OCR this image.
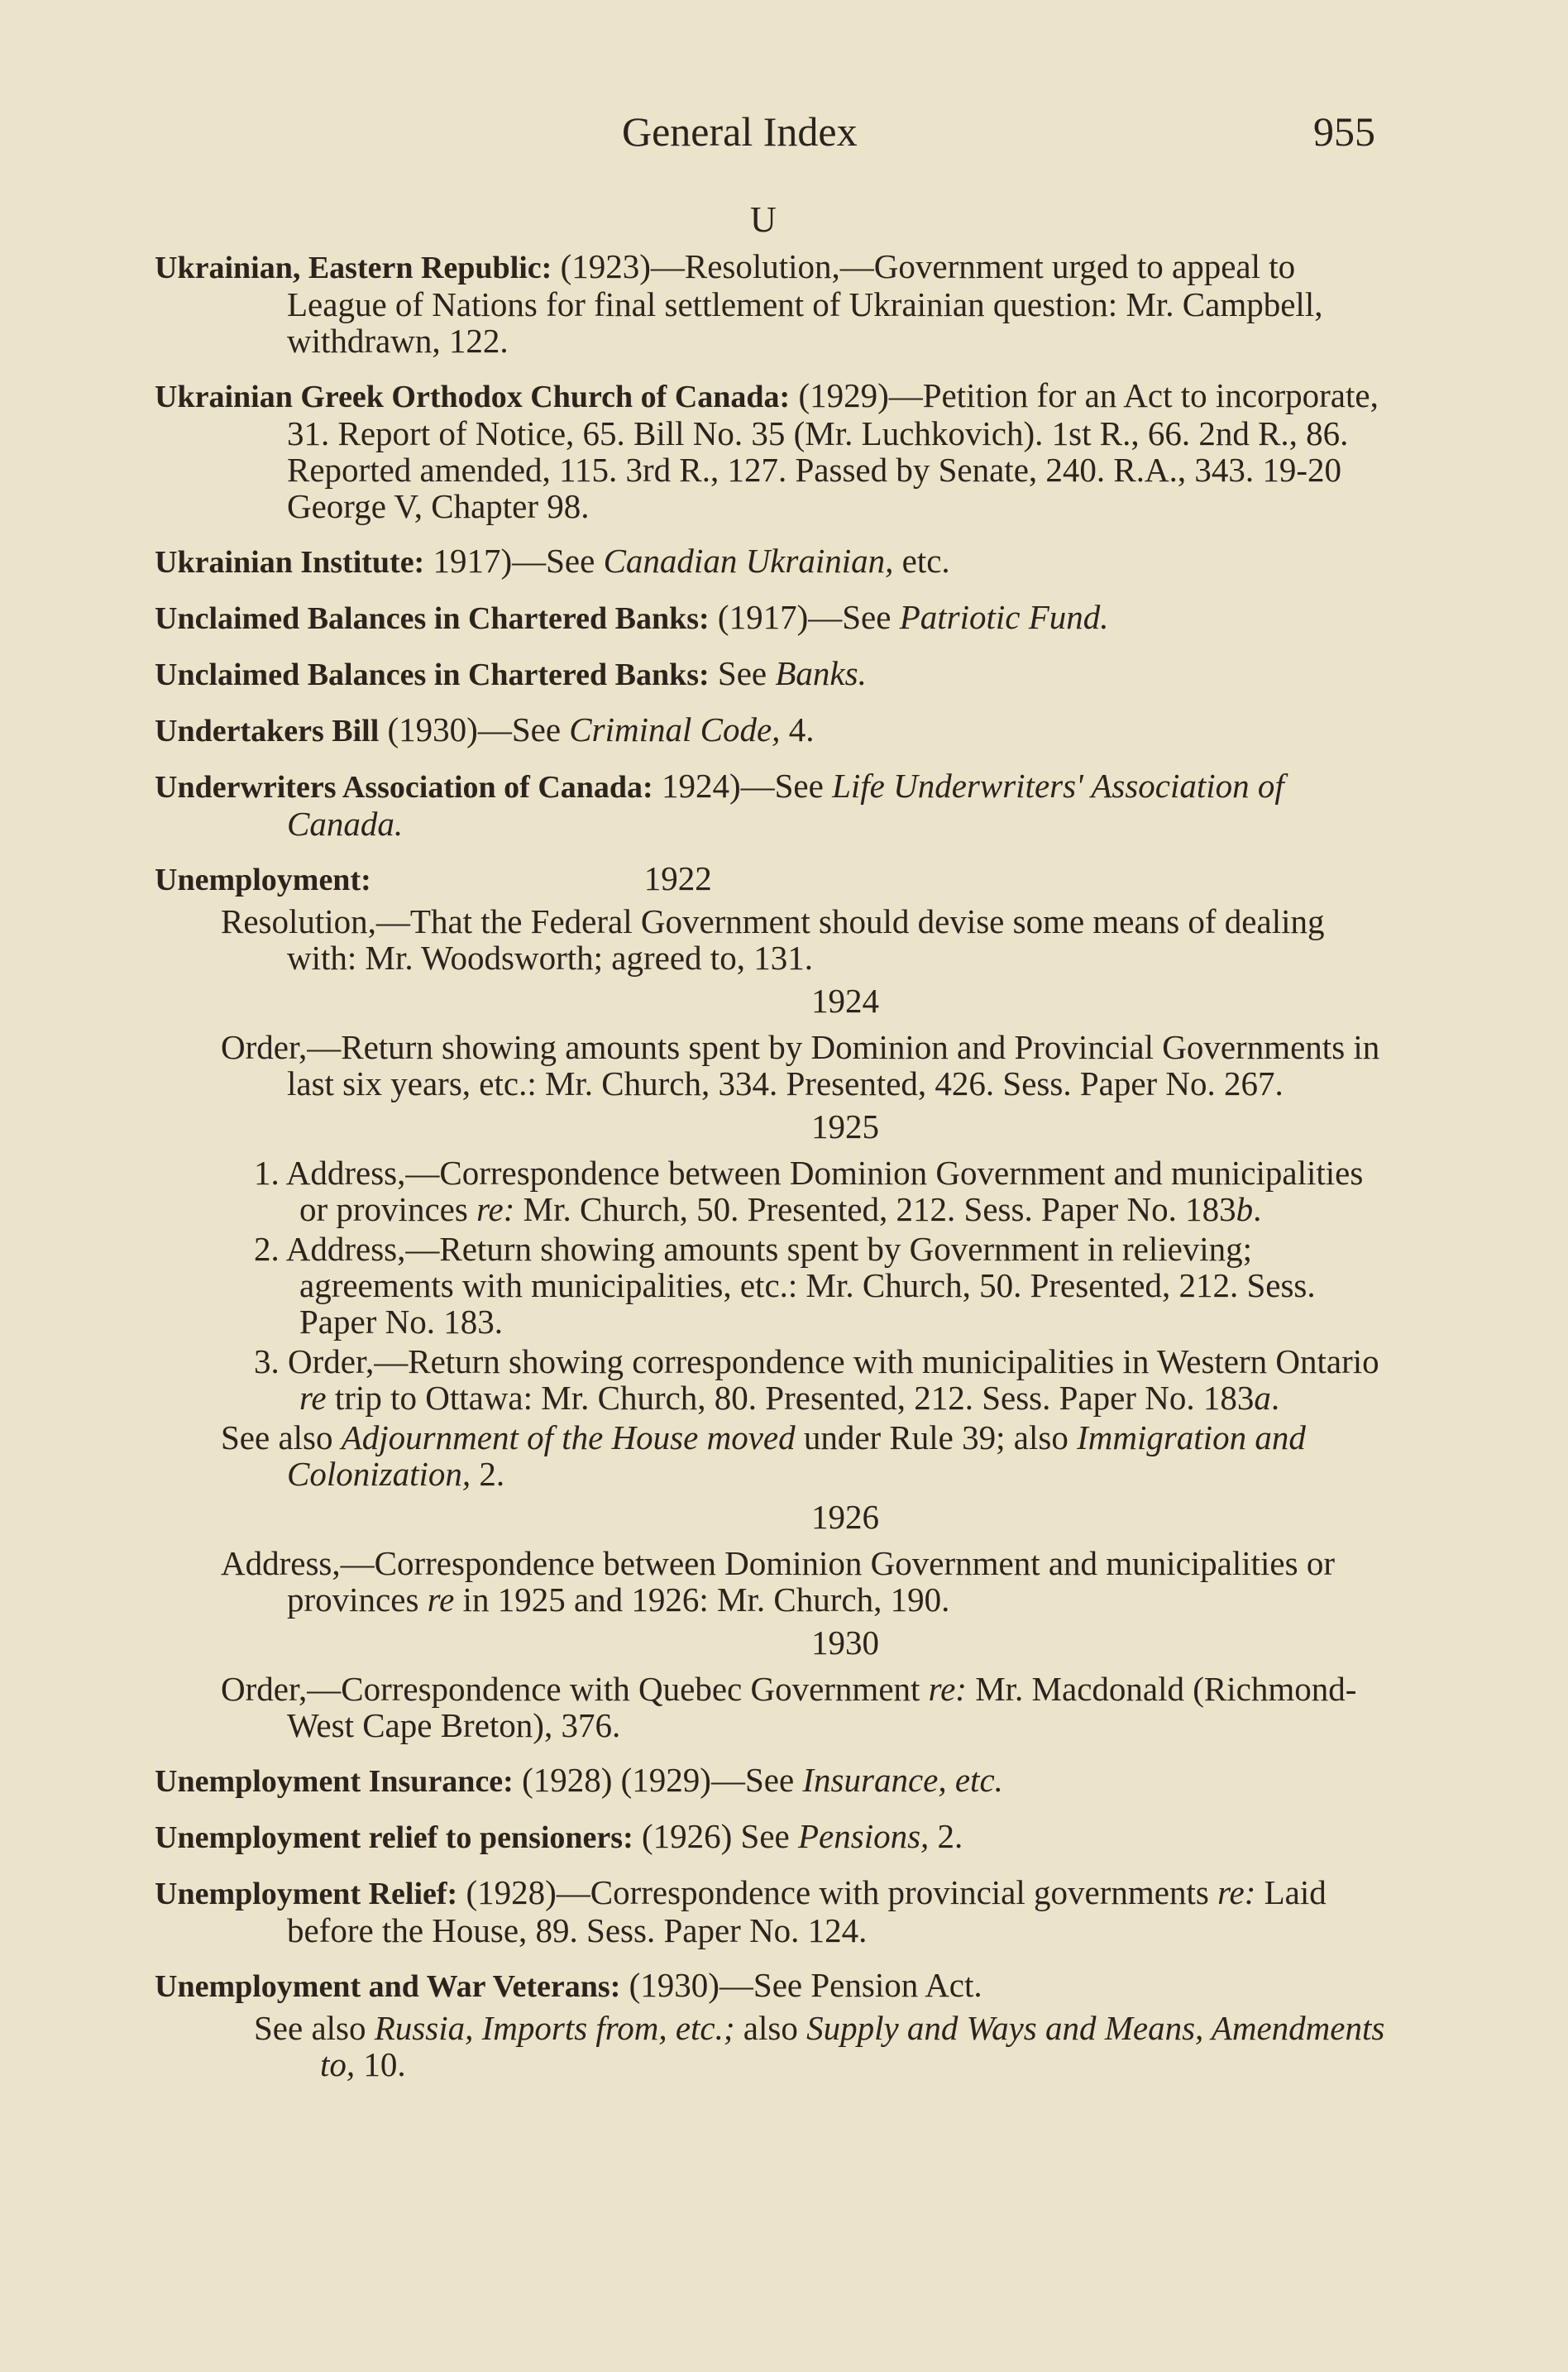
General Index	955
U
Ukrainian, Eastern Republic: (1923)—Resolution,—Government urged to appeal to League of Nations for final settlement of Ukrainian question: Mr. Campbell, withdrawn, 122.
Ukrainian Greek Orthodox Church of Canada: (1929)—Petition for an Act to incorporate, 31. Report of Notice, 65. Bill No. 35 (Mr. Luchkovich). 1st R., 66. 2nd R., 86. Reported amended, 115. 3rd R., 127. Passed by Senate, 240. R.A., 343. 19-20 George V, Chapter 98.
Ukrainian Institute: 1917)—See Canadian Ukrainian, etc.
Unclaimed Balances in Chartered Banks: (1917)—See Patriotic Fund.
Unclaimed Balances in Chartered Banks: See Banks.
Undertakers Bill (1930)—See Criminal Code, 4.
Underwriters Association of Canada: 1924)—See Life Underwriters' Association of Canada.
Unemployment:	1922
Resolution,—That the Federal Government should devise some means of dealing with: Mr. Woodsworth; agreed to, 131.
1924
Order,—Return showing amounts spent by Dominion and Provincial Governments in last six years, etc.: Mr. Church, 334. Presented, 426. Sess. Paper No. 267.
1925
1. Address,—Correspondence between Dominion Government and municipalities or provinces re: Mr. Church, 50. Presented, 212. Sess. Paper No. 183b.
2. Address,—Return showing amounts spent by Government in relieving; agreements with municipalities, etc.: Mr. Church, 50. Presented, 212. Sess. Paper No. 183.
3. Order,—Return showing correspondence with municipalities in Western Ontario re trip to Ottawa: Mr. Church, 80. Presented, 212. Sess. Paper No. 183a.
See also Adjournment of the House moved under Rule 39; also Immigration and Colonization, 2.
1926
Address,—Correspondence between Dominion Government and municipalities or provinces re in 1925 and 1926: Mr. Church, 190.
1930
Order,—Correspondence with Quebec Government re: Mr. Macdonald (Richmond-West Cape Breton), 376.
Unemployment Insurance: (1928) (1929)—See Insurance, etc.
Unemployment relief to pensioners: (1926) See Pensions, 2.
Unemployment Relief: (1928)—Correspondence with provincial governments re: Laid before the House, 89. Sess. Paper No. 124.
Unemployment and War Veterans: (1930)—See Pension Act.
See also Russia, Imports from, etc.; also Supply and Ways and Means, Amendments to, 10.
